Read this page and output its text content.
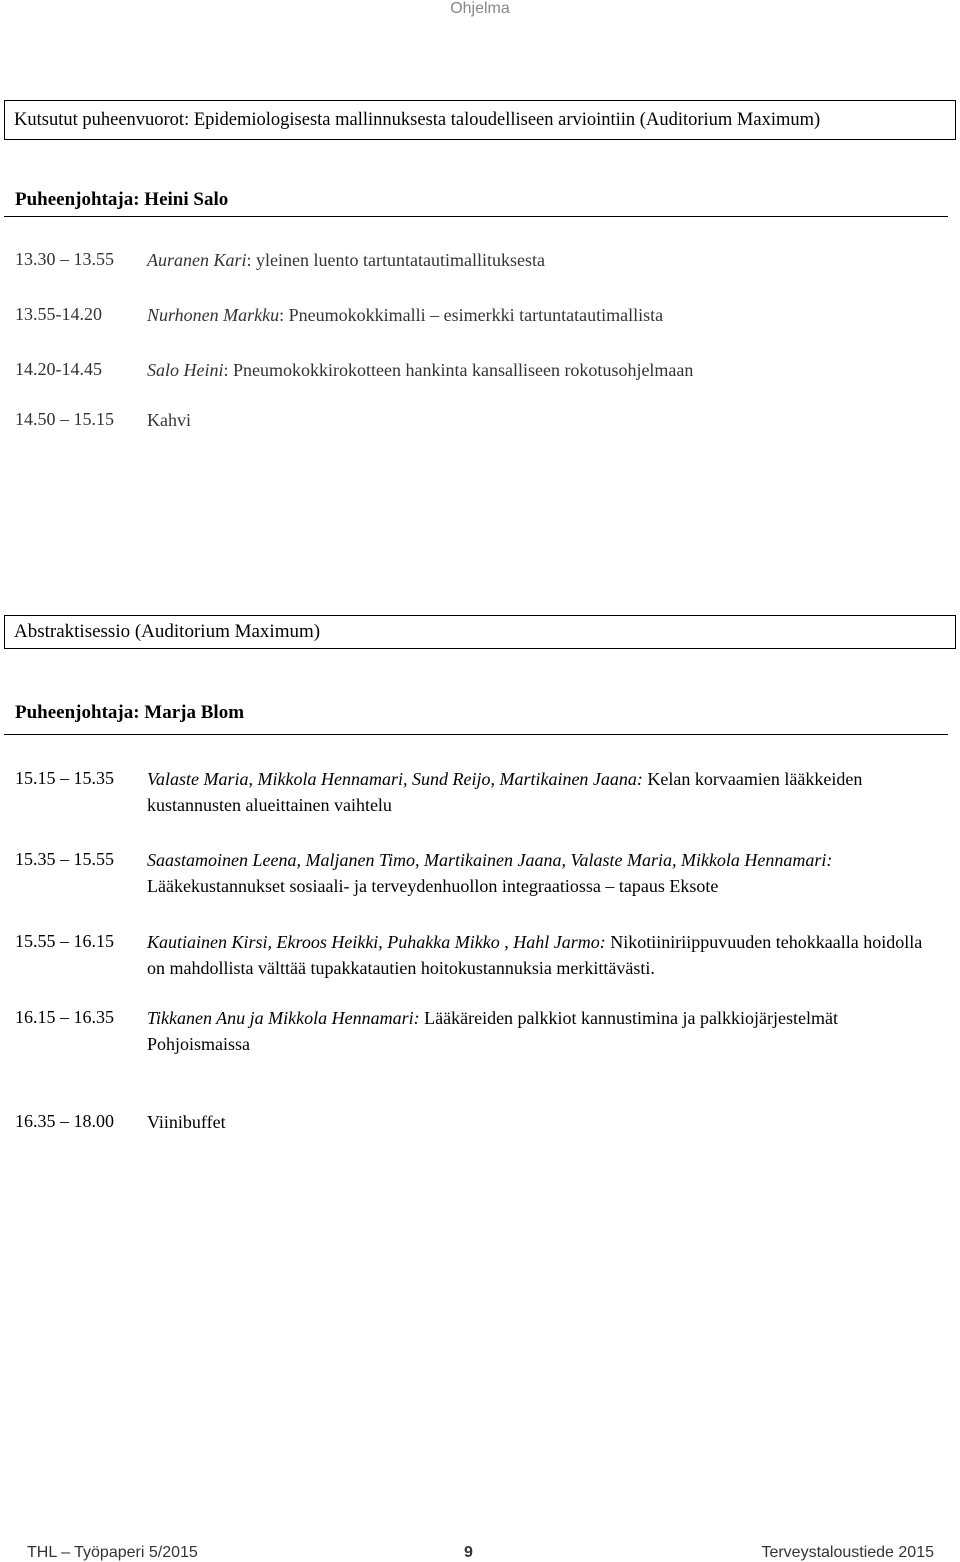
Ohjelma
Kutsutut puheenvuorot: Epidemiologisesta mallinnuksesta taloudelliseen arviointiin (Auditorium Maximum)
Puheenjohtaja: Heini Salo
13.30 – 13.55 Auranen Kari: yleinen luento tartuntatautimallituksesta
13.55-14.20	Nurhonen Markku: Pneumokokkimalli – esimerkki tartuntatautimallista
14.20-14.45	Salo Heini: Pneumokokkirokotteen hankinta kansalliseen rokotusohjelmaan
14.50 – 15.15 Kahvi
Abstraktisessio (Auditorium Maximum)
Puheenjohtaja: Marja Blom
15.15 – 15.35 Valaste Maria, Mikkola Hennamari, Sund Reijo, Martikainen Jaana: Kelan korvaamien lääkkeiden kustannusten alueittainen vaihtelu
15.35 – 15.55 Saastamoinen Leena, Maljanen Timo, Martikainen Jaana, Valaste Maria, Mikkola Hennamari: Lääkekustannukset sosiaali- ja terveydenhuollon integraatiossa – tapaus Eksote
15.55 – 16.15 Kautiainen Kirsi, Ekroos Heikki, Puhakka Mikko , Hahl Jarmo: Nikotiiniriippuvuuden tehokkaalla hoidolla on mahdollista välttää tupakkatautien hoitokustannuksia merkittävästi.
16.15 – 16.35 Tikkanen Anu ja Mikkola Hennamari: Lääkäreiden palkkiot kannustimina ja palkkiojärjestelmät Pohjoismaissa
16.35 – 18.00 Viinibuffet
THL – Työpaperi 5/2015	9	Terveystaloustiede 2015
